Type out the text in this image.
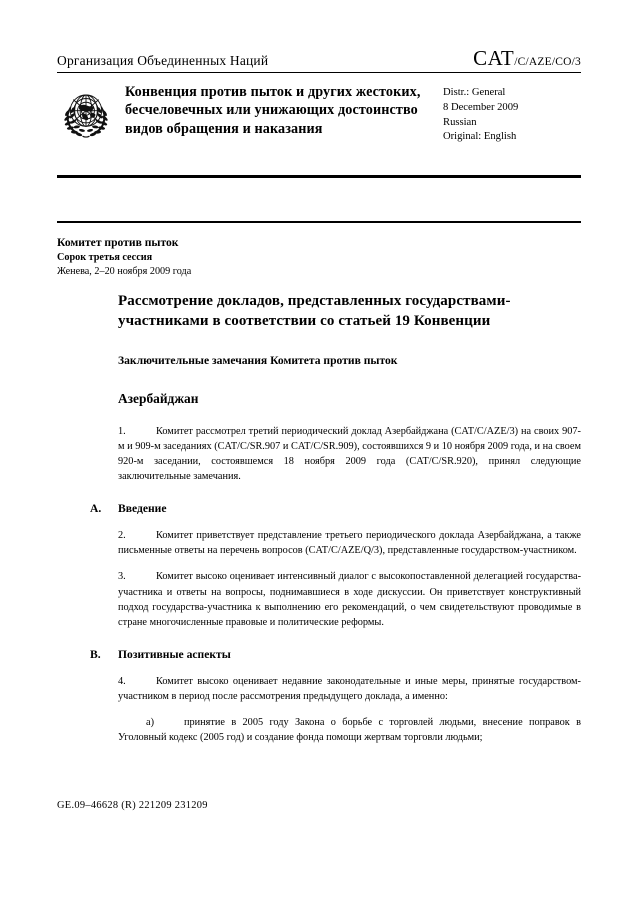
Организация Объединенных Наций	CAT/C/AZE/CO/3
Конвенция против пыток и других жестоких, бесчеловечных или унижающих достоинство видов обращения и наказания
Distr.: General
8 December 2009
Russian
Original: English
Комитет против пыток
Сорок третья сессия
Женева, 2–20 ноября 2009 года
Рассмотрение докладов, представленных государствами-участниками в соответствии со статьей 19 Конвенции
Заключительные замечания Комитета против пыток
Азербайджан

1.	Комитет рассмотрел третий периодический доклад Азербайджана (CAT/C/AZE/3) на своих 907-м и 909-м заседаниях (CAT/C/SR.907 и CAT/C/SR.909), состоявшихся 9 и 10 ноября 2009 года, и на своем 920-м заседании, состоявшемся 18 ноября 2009 года (CAT/C/SR.920), принял следующие заключительные замечания.

A.	Введение

2.	Комитет приветствует представление третьего периодического доклада Азербайджана, а также письменные ответы на перечень вопросов (CAT/C/AZE/Q/3), представленные государством-участником.

3.	Комитет высоко оценивает интенсивный диалог с высокопоставленной делегацией государства-участника и ответы на вопросы, поднимавшиеся в ходе дискуссии. Он приветствует конструктивный подход государства-участника к выполнению его рекомендаций, о чем свидетельствуют проводимые в стране многочисленные правовые и политические реформы.

B.	Позитивные аспекты

4.	Комитет высоко оценивает недавние законодательные и иные меры, принятые государством-участником в период после рассмотрения предыдущего доклада, а именно:

а)	принятие в 2005 году Закона о борьбе с торговлей людьми, внесение поправок в Уголовный кодекс (2005 год) и создание фонда помощи жертвам торговли людьми;

GE.09–46628 (R) 221209 231209
